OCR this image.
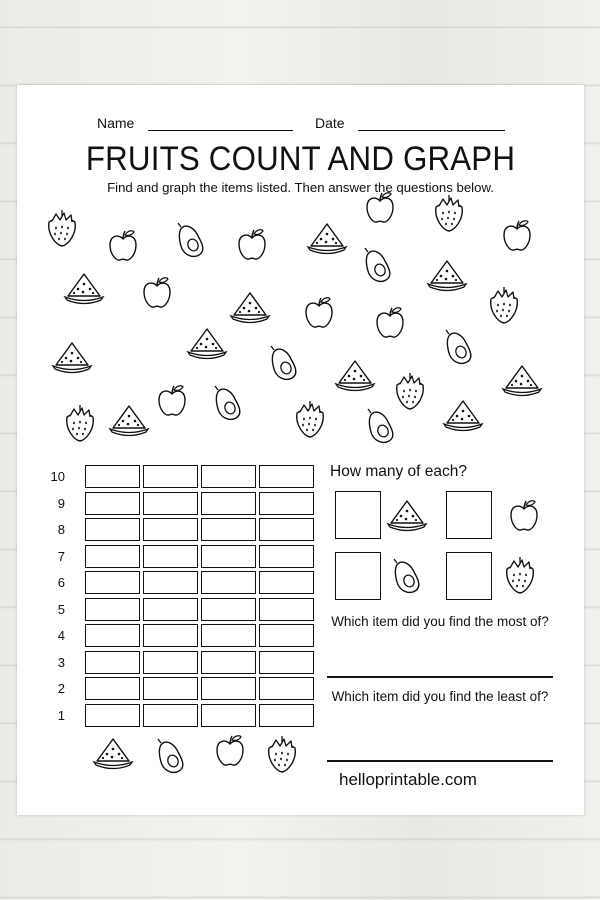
Name	Date
FRUITS COUNT AND GRAPH
Find and graph the items listed. Then answer the questions below.
10
9
8
7
6
5
4
3
2
1
How many of each?
Which item did you find the most of?
Which item did you find the least of?
helloprintable.com
